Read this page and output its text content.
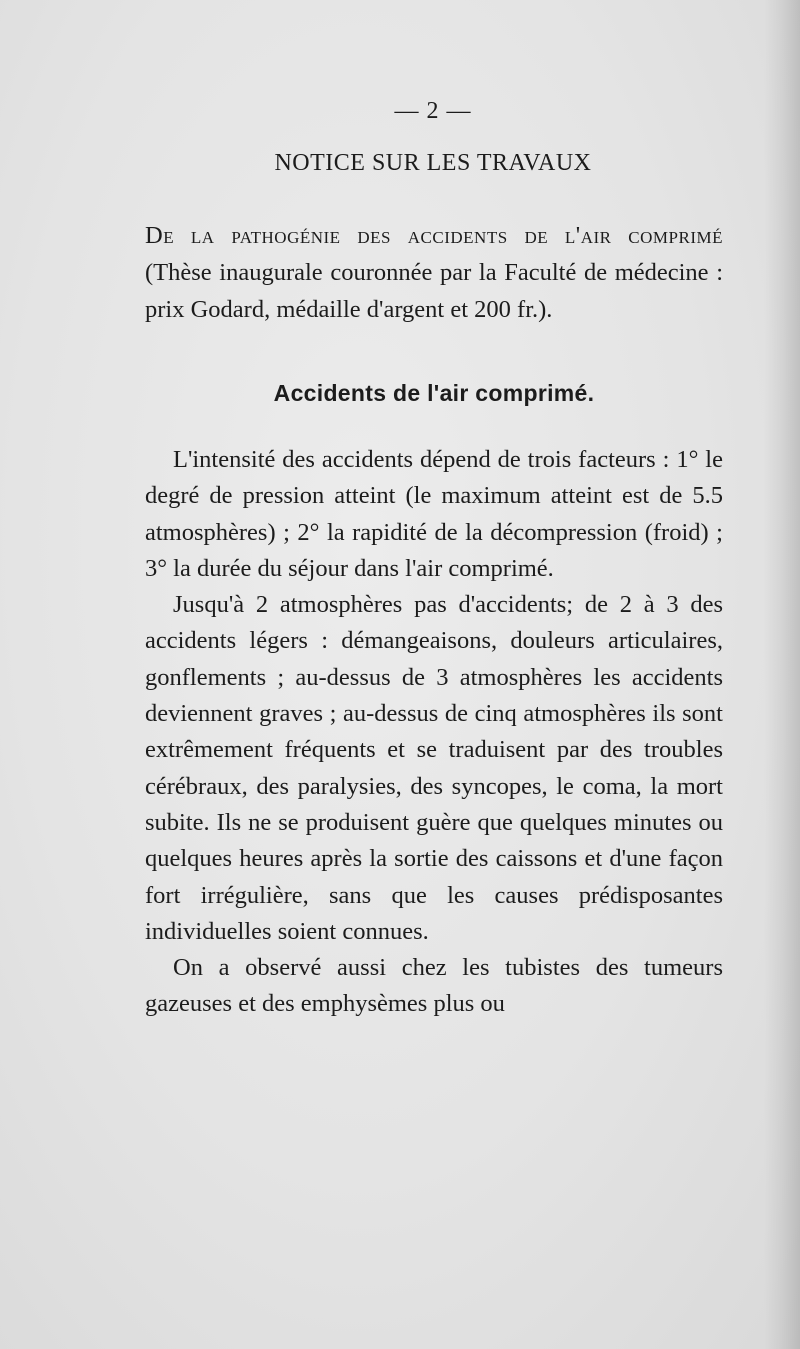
— 2 —
NOTICE SUR LES TRAVAUX
De la pathogénie des accidents de l'air comprimé (Thèse inaugurale couronnée par la Faculté de médecine : prix Godard, médaille d'argent et 200 fr.).
Accidents de l'air comprimé.

L'intensité des accidents dépend de trois facteurs : 1° le degré de pression atteint (le maximum atteint est de 5.5 atmosphères) ; 2° la rapidité de la décompression (froid) ; 3° la durée du séjour dans l'air comprimé.

Jusqu'à 2 atmosphères pas d'accidents; de 2 à 3 des accidents légers : démangeaisons, douleurs articulaires, gonflements ; au-dessus de 3 atmosphères les accidents deviennent graves ; au-dessus de cinq atmosphères ils sont extrêmement fréquents et se traduisent par des troubles cérébraux, des paralysies, des syncopes, le coma, la mort subite. Ils ne se produisent guère que quelques minutes ou quelques heures après la sortie des caissons et d'une façon fort irrégulière, sans que les causes prédisposantes individuelles soient connues.

On a observé aussi chez les tubistes des tumeurs gazeuses et des emphysèmes plus ou
